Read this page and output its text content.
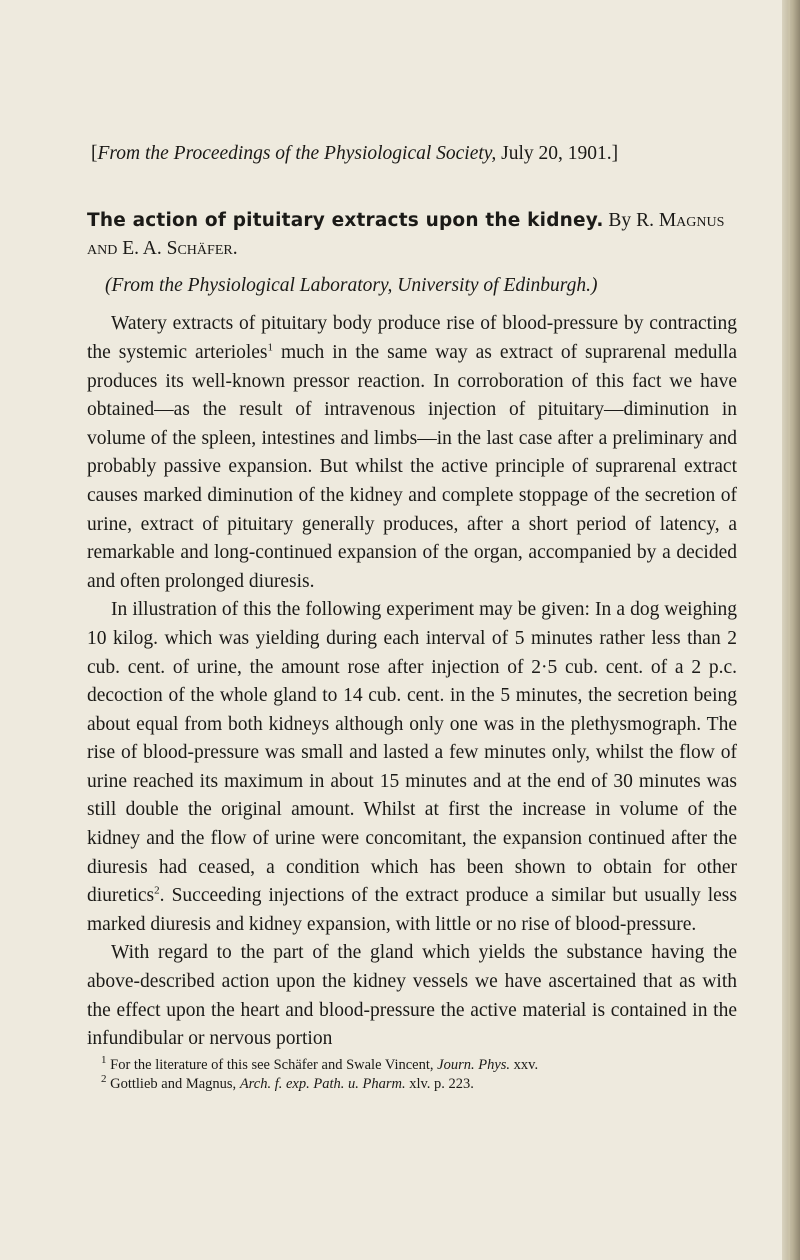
[From the Proceedings of the Physiological Society, July 20, 1901.]
The action of pituitary extracts upon the kidney. By R. Magnus and E. A. Schäfer.
(From the Physiological Laboratory, University of Edinburgh.)

Watery extracts of pituitary body produce rise of blood-pressure by contracting the systemic arterioles$^1$ much in the same way as extract of suprarenal medulla produces its well-known pressor reaction. In corroboration of this fact we have obtained—as the result of intravenous injection of pituitary—diminution in volume of the spleen, intestines and limbs—in the last case after a preliminary and probably passive expansion. But whilst the active principle of suprarenal extract causes marked diminution of the kidney and complete stoppage of the secretion of urine, extract of pituitary generally produces, after a short period of latency, a remarkable and long-continued expansion of the organ, accompanied by a decided and often prolonged diuresis.

In illustration of this the following experiment may be given: In a dog weighing 10 kilog. which was yielding during each interval of 5 minutes rather less than 2 cub. cent. of urine, the amount rose after injection of 2·5 cub. cent. of a 2 p.c. decoction of the whole gland to 14 cub. cent. in the 5 minutes, the secretion being about equal from both kidneys although only one was in the plethysmograph. The rise of blood-pressure was small and lasted a few minutes only, whilst the flow of urine reached its maximum in about 15 minutes and at the end of 30 minutes was still double the original amount. Whilst at first the increase in volume of the kidney and the flow of urine were concomitant, the expansion continued after the diuresis had ceased, a condition which has been shown to obtain for other diuretics$^2$. Succeeding injections of the extract produce a similar but usually less marked diuresis and kidney expansion, with little or no rise of blood-pressure.

With regard to the part of the gland which yields the substance having the above-described action upon the kidney vessels we have ascertained that as with the effect upon the heart and blood-pressure the active material is contained in the infundibular or nervous portion

$^1$ For the literature of this see Schäfer and Swale Vincent, Journ. Phys. xxv.
$^2$ Gottlieb and Magnus, Arch. f. exp. Path. u. Pharm. xlv. p. 223.
